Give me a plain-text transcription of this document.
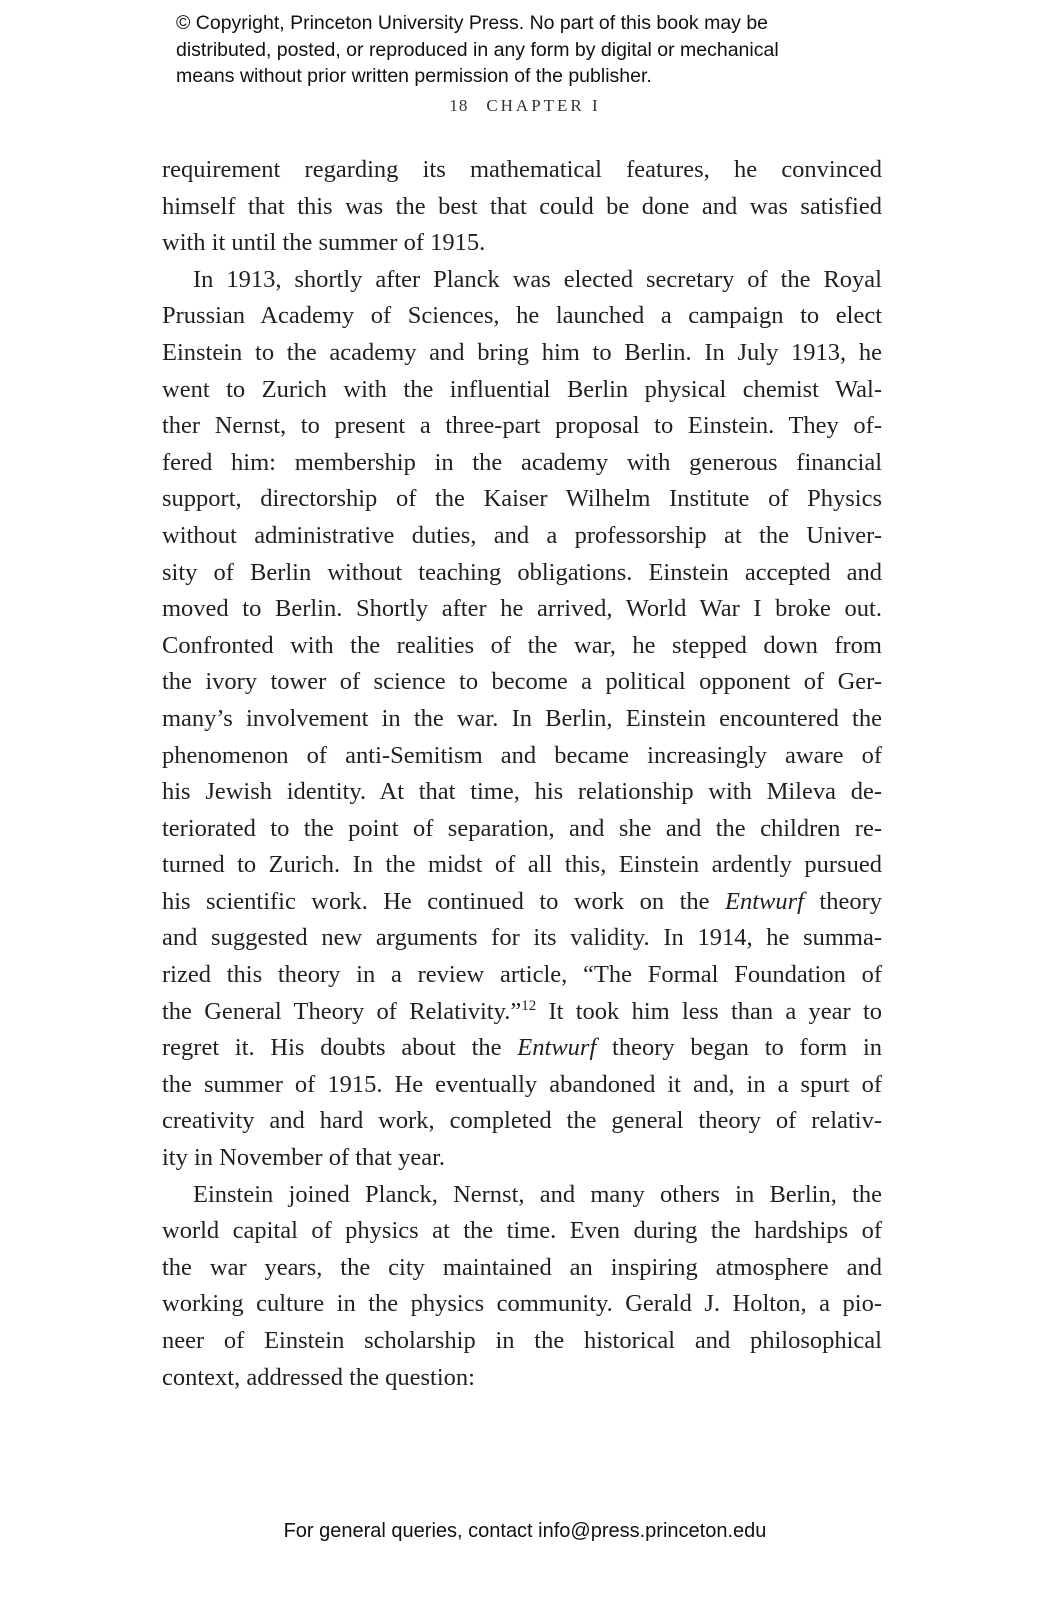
© Copyright, Princeton University Press. No part of this book may be
distributed, posted, or reproduced in any form by digital or mechanical
means without prior written permission of the publisher.
18 CHAPTER I
requirement regarding its mathematical features, he convinced
himself that this was the best that could be done and was satisfied
with it until the summer of 1915.
In 1913, shortly after Planck was elected secretary of the Royal
Prussian Academy of Sciences, he launched a campaign to elect
Einstein to the academy and bring him to Berlin. In July 1913, he
went to Zurich with the influential Berlin physical chemist Wal-
ther Nernst, to present a three-part proposal to Einstein. They of-
fered him: membership in the academy with generous financial
support, directorship of the Kaiser Wilhelm Institute of Physics
without administrative duties, and a professorship at the Univer-
sity of Berlin without teaching obligations. Einstein accepted and
moved to Berlin. Shortly after he arrived, World War I broke out.
Confronted with the realities of the war, he stepped down from
the ivory tower of science to become a political opponent of Ger-
many’s involvement in the war. In Berlin, Einstein encountered the
phenomenon of anti-Semitism and became increasingly aware of
his Jewish identity. At that time, his relationship with Mileva de-
teriorated to the point of separation, and she and the children re-
turned to Zurich. In the midst of all this, Einstein ardently pursued
his scientific work. He continued to work on the Entwurf theory
and suggested new arguments for its validity. In 1914, he summa-
rized this theory in a review article, “The Formal Foundation of
the General Theory of Relativity.”$^{12}$ It took him less than a year to
regret it. His doubts about the Entwurf theory began to form in
the summer of 1915. He eventually abandoned it and, in a spurt of
creativity and hard work, completed the general theory of relativ-
ity in November of that year.
Einstein joined Planck, Nernst, and many others in Berlin, the
world capital of physics at the time. Even during the hardships of
the war years, the city maintained an inspiring atmosphere and
working culture in the physics community. Gerald J. Holton, a pio-
neer of Einstein scholarship in the historical and philosophical
context, addressed the question:
For general queries, contact info@press.princeton.edu
